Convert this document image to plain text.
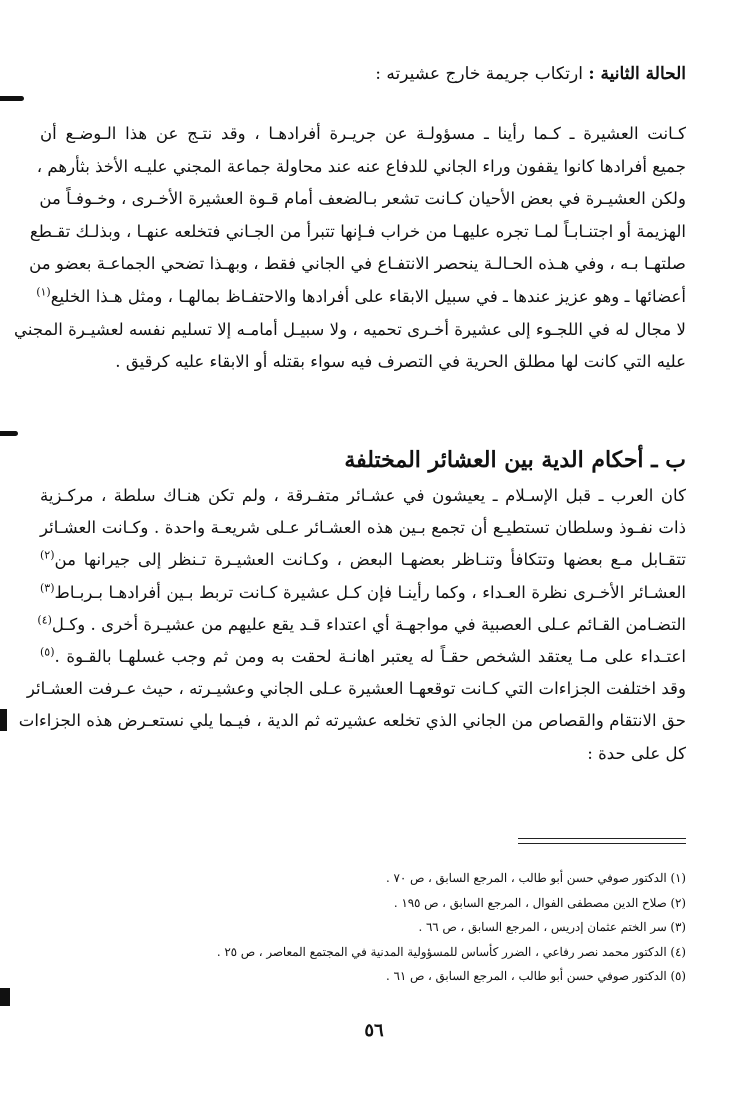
الحالة الثانية : ارتكاب جريمة خارج عشيرته :
كـانت العشيرة ـ كـما رأينا ـ مسؤولـة عن جريـرة أفرادهـا ، وقد نتـج عن هذا الـوضـع أن
جميع أفرادها كانوا يقفون وراء الجاني للدفاع عنه عند محاولة جماعة المجني عليـه الأخذ بثأرهم ،
ولكن العشيـرة في بعض الأحيان كـانت تشعر بـالضعف أمام قـوة العشيرة الأخـرى ، وخـوفـاً من
الهزيمة أو اجتنـابـاً لمـا تجره عليهـا من خراب فـإنها تتبرأ من الجـاني فتخلعه عنهـا ، وبذلـك تقـطع
صلتهـا بـه ، وفي هـذه الحـالـة ينحصر الانتفـاع في الجاني فقط ، وبهـذا تضحي الجماعـة بعضو من
أعضائها ـ وهو عزيز عندها ـ في سبيل الابقاء على أفرادها والاحتفـاظ بمالهـا ، ومثل هـذا الخليع$^{(١)}$
لا مجال له في اللجـوء إلى عشيرة أخـرى تحميه ، ولا سبيـل أمامـه إلا تسليم نفسه لعشيـرة المجني
عليه التي كانت لها مطلق الحرية في التصرف فيه سواء بقتله أو الابقاء عليه كرقيق .
ب ـ أحكام الدية بين العشائر المختلفة
كان العرب ـ قبل الإسـلام ـ يعيشون في عشـائر متفـرقة ، ولم تكن هنـاك سلطة ، مركـزية
ذات نفـوذ وسلطان تستطيـع أن تجمع بـين هذه العشـائر عـلى شريعـة واحدة . وكـانت العشـائر
تتقـابل مـع بعضها وتتكافأ وتنـاظر بعضهـا البعض ، وكـانت العشيـرة تـنظر إلى جيرانها من$^{(٢)}$
العشـائر الأخـرى نظرة العـداء ، وكما رأينـا فإن كـل عشيرة كـانت تربط بـين أفرادهـا بـربـاط$^{(٣)}$
التضـامن القـائم عـلى العصبية في مواجهـة أي اعتداء قـد يقع عليهم من عشيـرة أخرى . وكـل$^{(٤)}$
اعتـداء على مـا يعتقد الشخص حقـاً له يعتبر اهانـة لحقت به ومن ثم وجب غسلهـا بالقـوة .$^{(٥)}$
وقد اختلفت الجزاءات التي كـانت توقعهـا العشيرة عـلى الجاني وعشيـرته ، حيث عـرفت العشـائر
حق الانتقام والقصاص من الجاني الذي تخلعه عشيرته ثم الدية ، فيـما يلي نستعـرض هذه الجزاءات
كل على حدة :
(١) الدكتور صوفي حسن أبو طالب ، المرجع السابق ، ص ٧٠ .
(٢) صلاح الدين مصطفى الفوال ، المرجع السابق ، ص ١٩٥ .
(٣) سر الختم عثمان إدريس ، المرجع السابق ، ص ٦٦ .
(٤) الدكتور محمد نصر رفاعي ، الضرر كأساس للمسؤولية المدنية في المجتمع المعاصر ، ص ٢٥ .
(٥) الدكتور صوفي حسن أبو طالب ، المرجع السابق ، ص ٦١ .
٥٦
